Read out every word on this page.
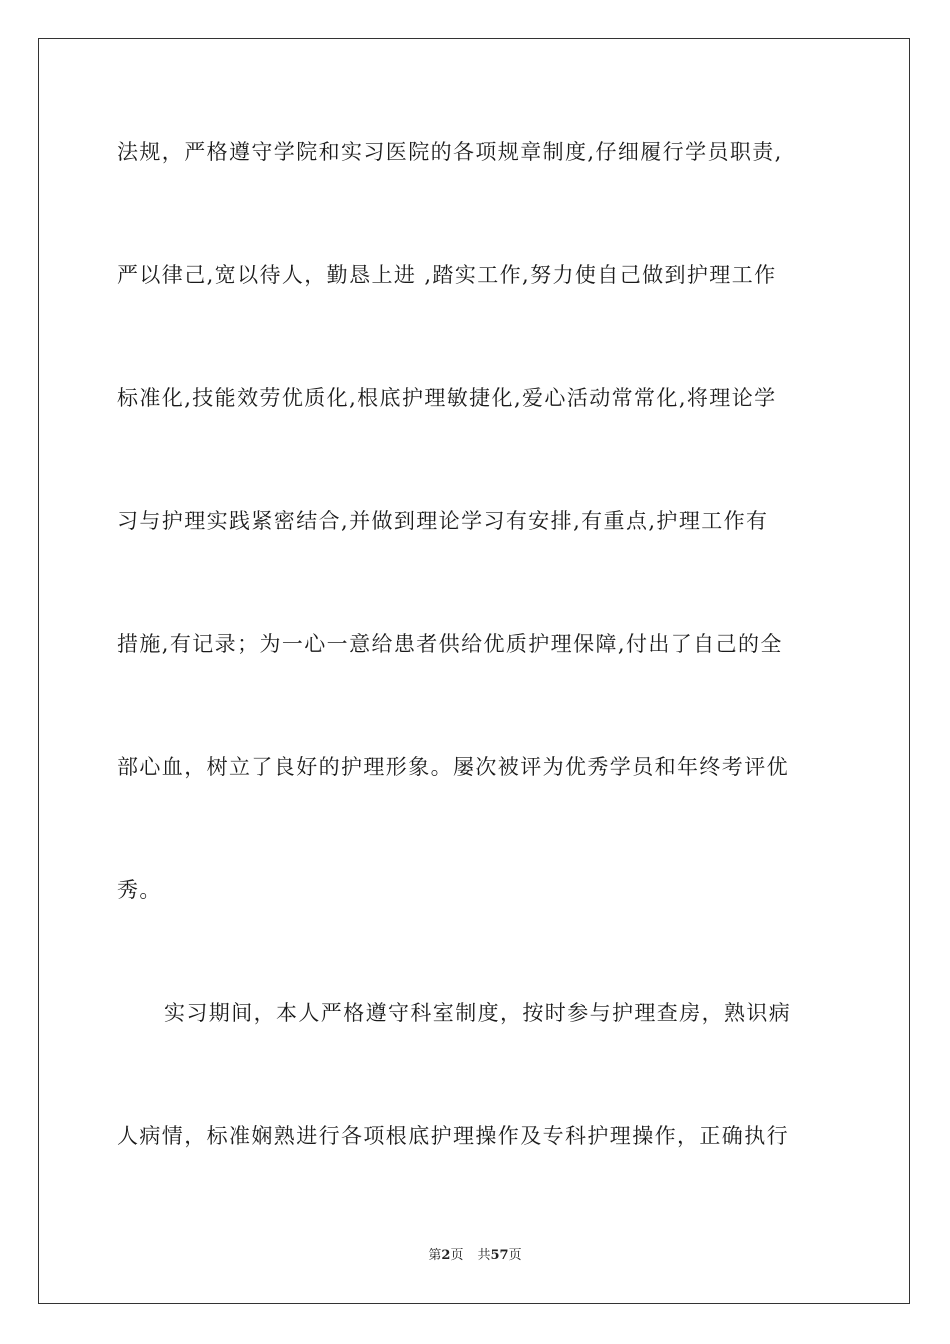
法规，严格遵守学院和实习医院的各项规章制度,仔细履行学员职责,
严以律己,宽以待人，勤恳上进 ,踏实工作,努力使自己做到护理工作
标准化,技能效劳优质化,根底护理敏捷化,爱心活动常常化,将理论学
习与护理实践紧密结合,并做到理论学习有安排,有重点,护理工作有
措施,有记录；为一心一意给患者供给优质护理保障,付出了自己的全
部心血，树立了良好的护理形象。屡次被评为优秀学员和年终考评优
秀。
实习期间，本人严格遵守科室制度，按时参与护理查房，熟识病
人病情，标准娴熟进行各项根底护理操作及专科护理操作，正确执行
第2页 共57页
